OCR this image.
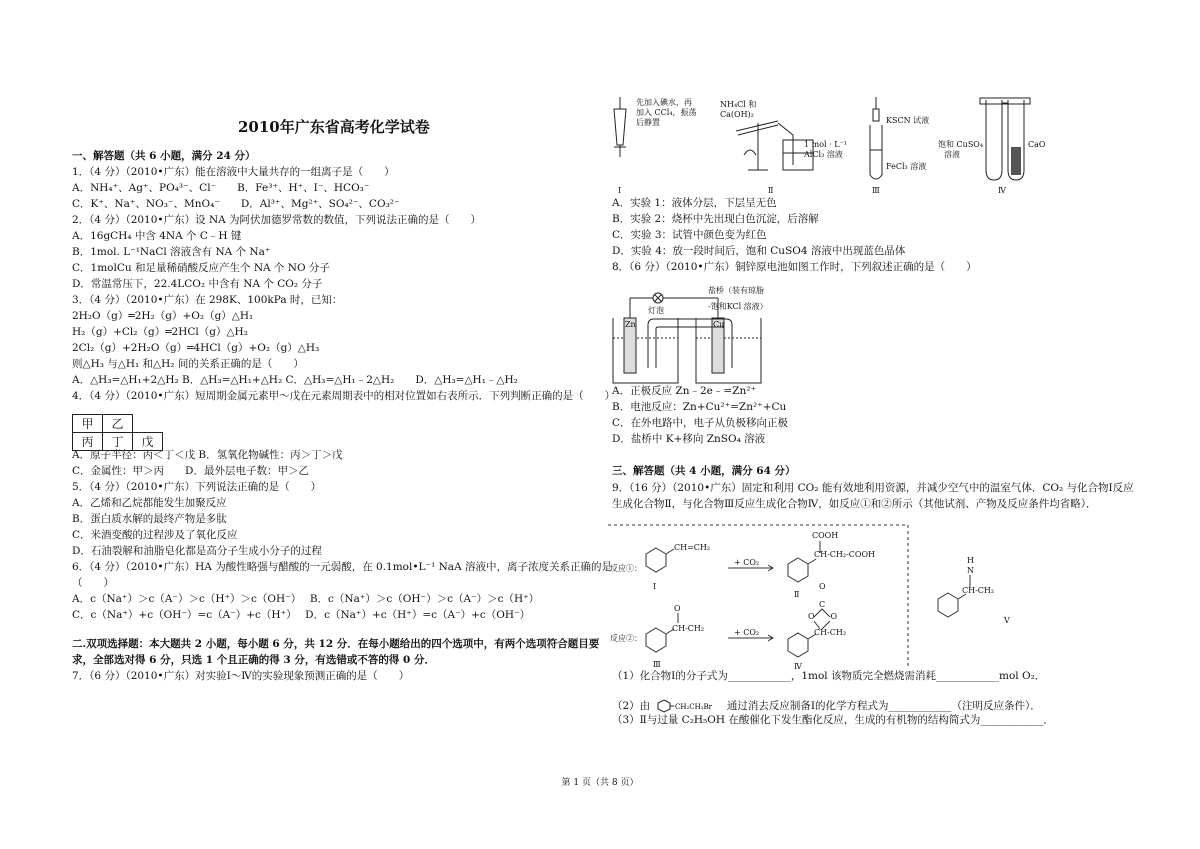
2010年广东省高考化学试卷
一、解答题（共 6 小题，满分 24 分）
1．（4 分）（2010•广东）能在溶液中大量共存的一组离子是（　　）
A．NH₄⁺、Ag⁺、PO₄³⁻、Cl⁻　　B．Fe³⁺、H⁺、I⁻、HCO₃⁻
C．K⁺、Na⁺、NO₃⁻、MnO₄⁻　　D．Al³⁺、Mg²⁺、SO₄²⁻、CO₃²⁻
2．（4 分）（2010•广东）设 NA 为阿伏加德罗常数的数值，下列说法正确的是（　　）
A．16gCH₄ 中含 4NA 个 C﹣H 键
B．1mol. L⁻¹NaCl 溶液含有 NA 个 Na⁺
C．1molCu 和足量稀硝酸反应产生个 NA 个 NO 分子
D．常温常压下，22.4LCO₂ 中含有 NA 个 CO₂ 分子
3．（4 分）（2010•广东）在 298K、100kPa 时，已知：
2H₂O（g）═2H₂（g）+O₂（g）△H₁
H₂（g）+Cl₂（g）═2HCl（g）△H₂
2Cl₂（g）+2H₂O（g）═4HCl（g）+O₂（g）△H₃
则△H₃ 与△H₁ 和△H₂ 间的关系正确的是（　　）
A．△H₃=△H₁+2△H₂ B．△H₃=△H₁+△H₂ C．△H₃=△H₁﹣2△H₂　　D．△H₃=△H₁﹣△H₂
4．（4 分）（2010•广东）短周期金属元素甲～戊在元素周期表中的相对位置如右表所示．下列判断正确的是（　　）
A．原子半径：丙＜丁＜戊 B．氢氧化物碱性：丙＞丁＞戊
C．金属性：甲＞丙　　D．最外层电子数：甲＞乙
5．（4 分）（2010•广东）下列说法正确的是（　　）
A．乙烯和乙烷都能发生加聚反应
B．蛋白质水解的最终产物是多肽
C．米酒变酸的过程涉及了氧化反应
D．石油裂解和油脂皂化都是高分子生成小分子的过程
6．（4 分）（2010•广东）HA 为酸性略强与醋酸的一元弱酸，在 0.1mol•L⁻¹ NaA 溶液中，离子浓度关系正确的是
（　　）
A．c（Na⁺）＞c（A⁻）＞c（H⁺）＞c（OH⁻）　 B．c（Na⁺）＞c（OH⁻）＞c（A⁻）＞c（H⁺）
C．c（Na⁺）+c（OH⁻）=c（A⁻）+c（H⁺）　 D．c（Na⁺）+c（H⁺）=c（A⁻）+c（OH⁻）
二.双项选择题：本大题共 2 小题，每小题 6 分，共 12 分．在每小题给出的四个选项中，有两个选项符合题目要
求，全部选对得 6 分，只选 1 个且正确的得 3 分，有选错或不答的得 0 分．
7．（6 分）（2010•广东）对实验Ⅰ～Ⅳ的实验现象预测正确的是（　　）
A．实验 1：液体分层，下层呈无色
B．实验 2：烧杯中先出现白色沉淀，后溶解
C．实验 3：试管中颜色变为红色
D．实验 4：放一段时间后，饱和 CuSO4 溶液中出现蓝色晶体
8．（6 分）（2010•广东）铜锌原电池如图工作时，下列叙述正确的是（　　）
A．正极反应 Zn﹣2e﹣=Zn²⁺
B．电池反应：Zn+Cu²⁺=Zn²⁺+Cu
C．在外电路中，电子从负极移向正极
D．盐桥中 K+移向 ZnSO₄ 溶液
三、解答题（共 4 小题，满分 64 分）
9．（16 分）（2010•广东）固定和利用 CO₂ 能有效地利用资源，并减少空气中的温室气体．CO₂ 与化合物Ⅰ反应
生成化合物Ⅱ，与化合物Ⅲ反应生成化合物Ⅳ，如反应①和②所示（其他试剂、产物及反应条件均省略）．
（1）化合物Ⅰ的分子式为____________，1mol 该物质完全燃烧需消耗____________mol O₂．
（3）Ⅱ与过量 C₂H₅OH 在酸催化下发生酯化反应，生成的有机物的结构简式为____________．
甲	乙	
丙	丁	戊
先加入碘水，再
加入 CCl₄，振荡
后静置
NH₄Cl 和
Ca(OH)₂
1 mol · L⁻¹
AlCl₃ 溶液
KSCN 试液
FeCl₃ 溶液
饱和 CuSO₄
溶液
CaO
Ⅰ	Ⅱ	Ⅲ	Ⅳ
灯泡
盐桥（装有琼脂
-饱和KCl 溶液）
Zn	Cu
反应①：
反应②：
+ CO₂
+ CO₂
CH=CH₂
COOH
CH-CH₂-COOH
O
CH-CH₂
O
C
O　　O
CH-CH₂
H
N
CH-CH₂
Ⅰ
Ⅱ
Ⅲ	Ⅳ
Ⅴ
（2）由	CH₂CH₂Br 通过消去反应制备Ⅰ的化学方程式为____________（注明反应条件）．
第 1 页（共 8 页）
